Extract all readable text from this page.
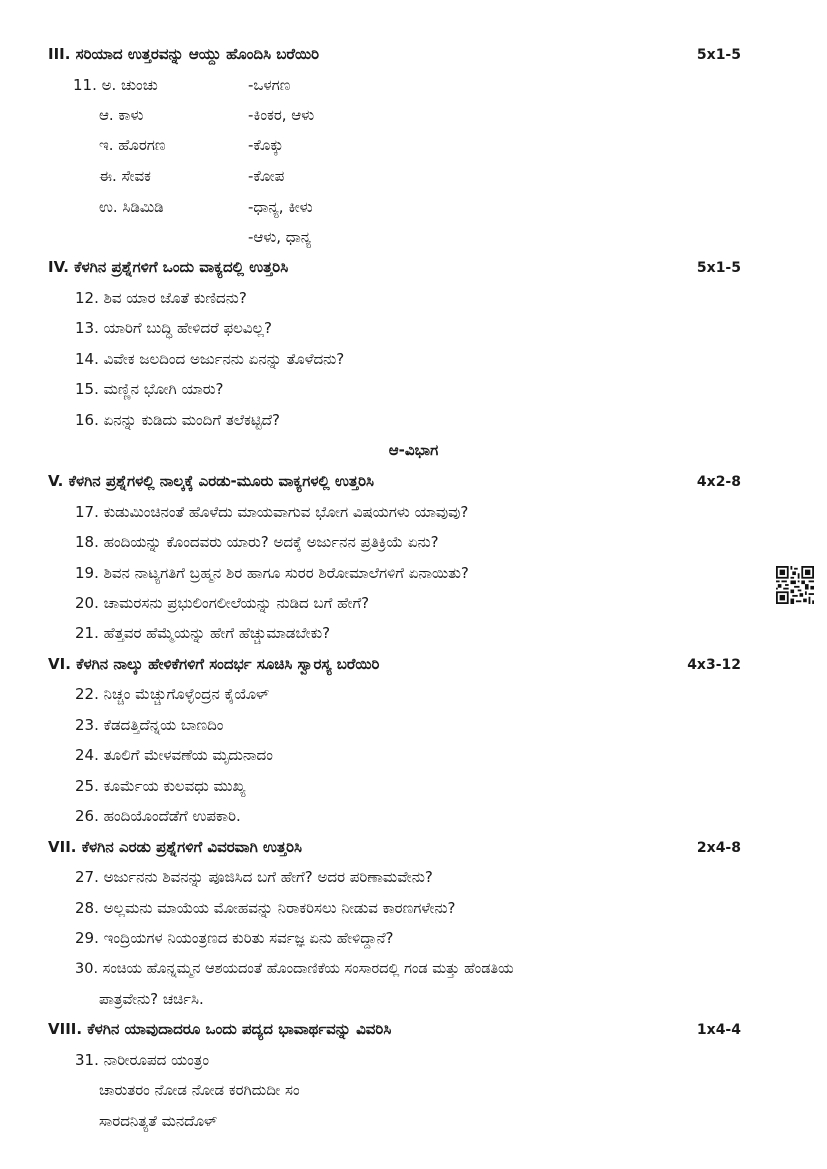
III. ಸರಿಯಾದ ಉತ್ತರವನ್ನು ಆಯ್ದು ಹೊಂದಿಸಿ ಬರೆಯಿರಿ	5x1-5
11. ಅ. ಚುಂಚು	-ಒಳಗಣ
ಆ. ಕಾಳು	-ಕಿಂಕರ, ಆಳು
ಇ. ಹೊರಗಣ	-ಕೊಕ್ಕು
ಈ. ಸೇವಕ	-ಕೋಪ
ಉ. ಸಿಡಿಮಿಡಿ	-ಧಾನ್ಯ, ಕೀಳು
-ಆಳು, ಧಾನ್ಯ
IV. ಕೆಳಗಿನ ಪ್ರಶ್ನೆಗಳಿಗೆ ಒಂದು ವಾಕ್ಯದಲ್ಲಿ ಉತ್ತರಿಸಿ	5x1-5
12. ಶಿವ ಯಾರ ಜೊತೆ ಕುಣಿದನು?
13. ಯಾರಿಗೆ ಬುದ್ಧಿ ಹೇಳಿದರೆ ಫಲವಿಲ್ಲ?
14. ವಿವೇಕ ಜಲದಿಂದ ಅರ್ಜುನನು ಏನನ್ನು ತೊಳೆದನು?
15. ಮಣ್ಣಿನ ಭೋಗಿ ಯಾರು?
16. ಏನನ್ನು ಕುಡಿದು ಮಂದಿಗೆ ತಲೆಕಟ್ಟಿದೆ?
ಆ-ವಿಭಾಗ
V. ಕೆಳಗಿನ ಪ್ರಶ್ನೆಗಳಲ್ಲಿ ನಾಲ್ಕಕ್ಕೆ ಎರಡು-ಮೂರು ವಾಕ್ಯಗಳಲ್ಲಿ ಉತ್ತರಿಸಿ	4x2-8
17. ಕುಡುಮಿಂಚಿನಂತೆ ಹೊಳೆದು ಮಾಯವಾಗುವ ಭೋಗ ವಿಷಯಗಳು ಯಾವುವು?
18. ಹಂದಿಯನ್ನು ಕೊಂದವರು ಯಾರು? ಅದಕ್ಕೆ ಅರ್ಜುನನ ಪ್ರತಿಕ್ರಿಯೆ ಏನು?
19. ಶಿವನ ನಾಟ್ಯಗತಿಗೆ ಬ್ರಹ್ಮನ ಶಿರ ಹಾಗೂ ಸುರರ ಶಿರೋಮಾಲೆಗಳಿಗೆ ಏನಾಯಿತು?
20. ಚಾಮರಸನು ಪ್ರಭುಲಿಂಗಲೀಲೆಯನ್ನು ನುಡಿದ ಬಗೆ ಹೇಗೆ?
21. ಹೆತ್ತವರ ಹೆಮ್ಮೆಯನ್ನು ಹೇಗೆ ಹೆಚ್ಚುಮಾಡಬೇಕು?
VI. ಕೆಳಗಿನ ನಾಲ್ಕು ಹೇಳಿಕೆಗಳಿಗೆ ಸಂದರ್ಭ ಸೂಚಿಸಿ ಸ್ವಾರಸ್ಯ ಬರೆಯಿರಿ	4x3-12
22. ನಿಚ್ಚಂ ಮೆಚ್ಚುಗೊಳ್ಳೆಂದ್ರನ ಕೈಯೊಳ್
23. ಕೆಡದತ್ತಿದೆನ್ನಯ ಬಾಣದಿಂ
24. ತೂಲಿಗೆ ಮೇಳವಣೆಯ ಮೃದುನಾದಂ
25. ಕೂರ್ಮೆಯ ಕುಲವಧು ಮುಖ್ಯ
26. ಹಂದಿಯೊಂದೆಡೆಗೆ ಉಪಕಾರಿ.
VII. ಕೆಳಗಿನ ಎರಡು ಪ್ರಶ್ನೆಗಳಿಗೆ ವಿವರವಾಗಿ ಉತ್ತರಿಸಿ	2x4-8
27. ಅರ್ಜುನನು ಶಿವನನ್ನು ಪೂಜಿಸಿದ ಬಗೆ ಹೇಗೆ? ಅದರ ಪರಿಣಾಮವೇನು?
28. ಅಲ್ಲಮನು ಮಾಯೆಯ ಮೋಹವನ್ನು ನಿರಾಕರಿಸಲು ನೀಡುವ ಕಾರಣಗಳೇನು?
29. ಇಂದ್ರಿಯಗಳ ನಿಯಂತ್ರಣದ ಕುರಿತು ಸರ್ವಜ್ಞ ಏನು ಹೇಳಿದ್ದಾನೆ?
30. ಸಂಚಿಯ ಹೊನ್ನಮ್ಮನ ಆಶಯದಂತೆ ಹೊಂದಾಣಿಕೆಯ ಸಂಸಾರದಲ್ಲಿ ಗಂಡ ಮತ್ತು ಹೆಂಡತಿಯ
ಪಾತ್ರವೇನು? ಚರ್ಚಿಸಿ.
VIII. ಕೆಳಗಿನ ಯಾವುದಾದರೂ ಒಂದು ಪದ್ಯದ ಭಾವಾರ್ಥವನ್ನು ವಿವರಿಸಿ	1x4-4
31. ನಾರೀರೂಪದ ಯಂತ್ರಂ
ಚಾರುತರಂ ನೋಡ ನೋಡ ಕರಗಿದುದೀ ಸಂ
ಸಾರದನಿತ್ಯತೆ ಮನದೊಳ್
